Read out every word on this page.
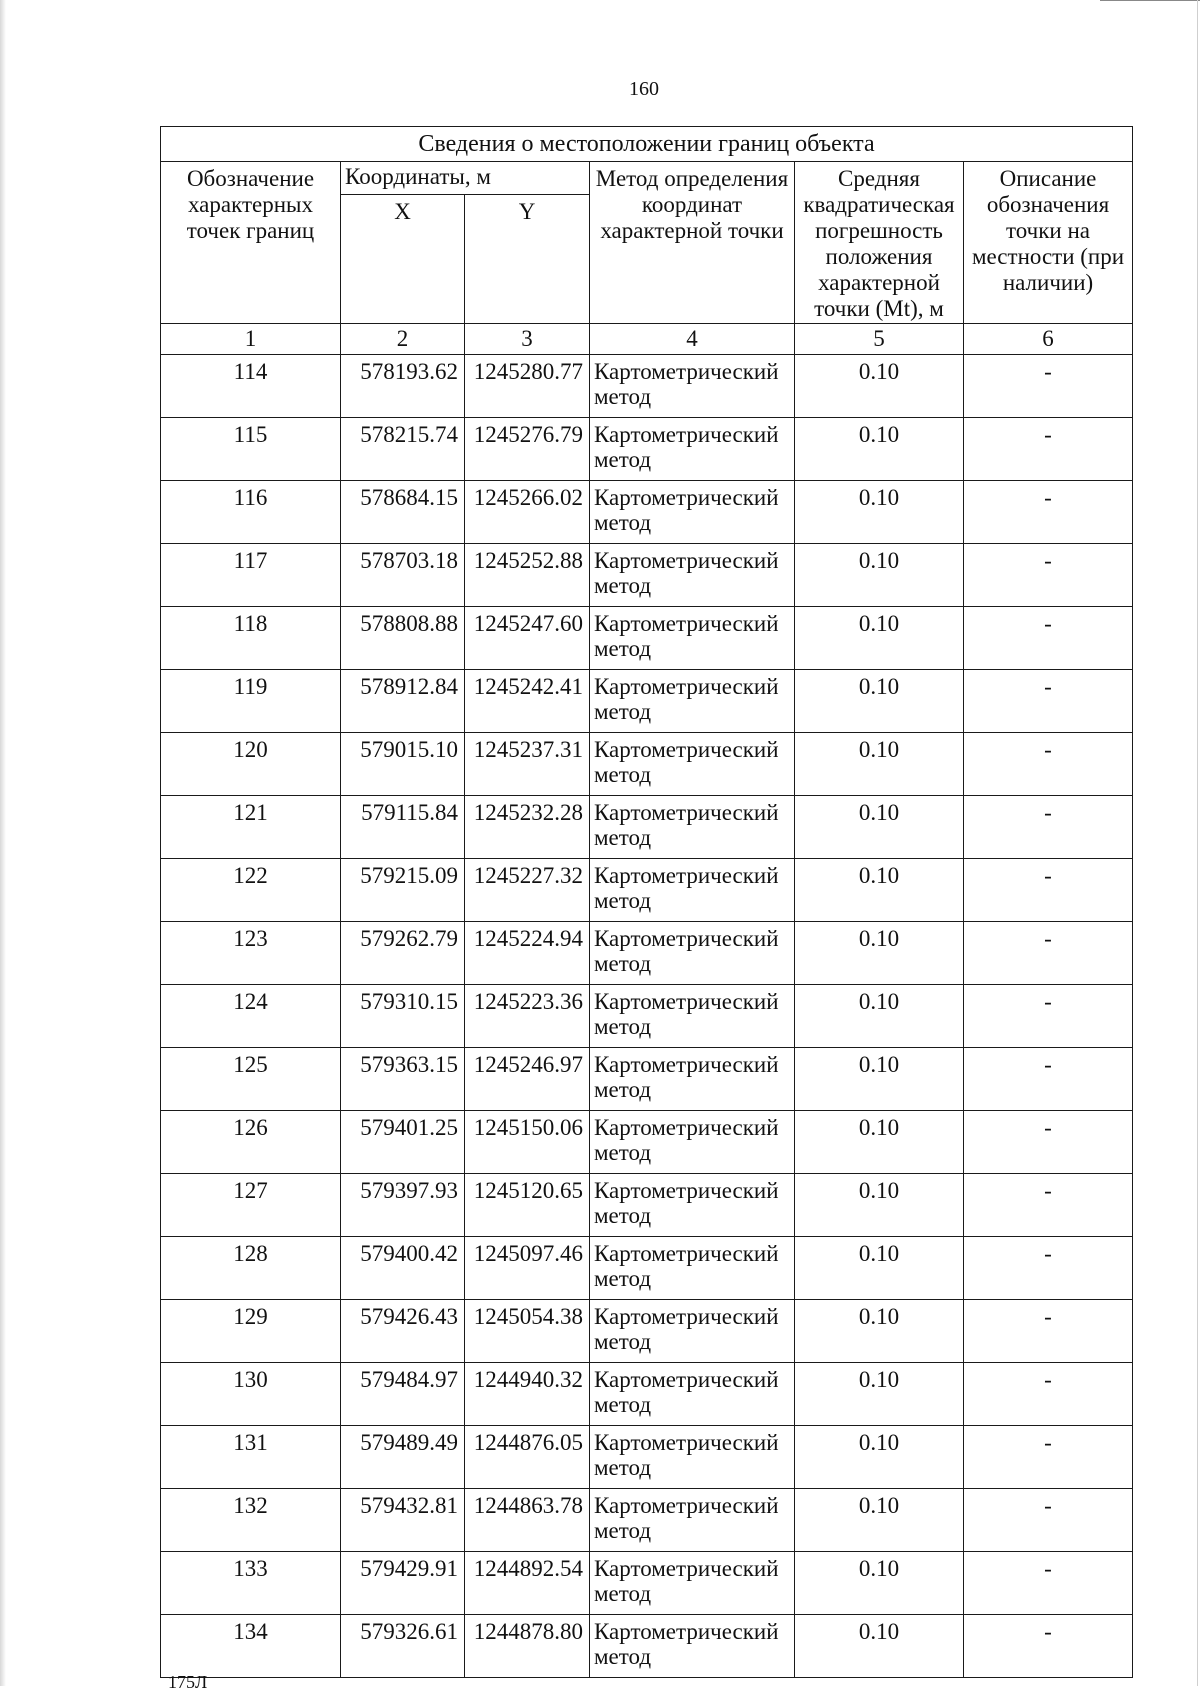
160
Сведения о местоположении границ объекта					
Обозначение характерных точек границ	Координаты, м		Метод определения координат характерной точки	Средняя квадратическая погрешность положения характерной точки (Mt), м	Описание обозначения точки на местности (при наличии)
	X	Y			
1	2	3	4	5	6
114	578193.62	1245280.77	Картометрический метод	0.10	-
115	578215.74	1245276.79	Картометрический метод	0.10	-
116	578684.15	1245266.02	Картометрический метод	0.10	-
117	578703.18	1245252.88	Картометрический метод	0.10	-
118	578808.88	1245247.60	Картометрический метод	0.10	-
119	578912.84	1245242.41	Картометрический метод	0.10	-
120	579015.10	1245237.31	Картометрический метод	0.10	-
121	579115.84	1245232.28	Картометрический метод	0.10	-
122	579215.09	1245227.32	Картометрический метод	0.10	-
123	579262.79	1245224.94	Картометрический метод	0.10	-
124	579310.15	1245223.36	Картометрический метод	0.10	-
125	579363.15	1245246.97	Картометрический метод	0.10	-
126	579401.25	1245150.06	Картометрический метод	0.10	-
127	579397.93	1245120.65	Картометрический метод	0.10	-
128	579400.42	1245097.46	Картометрический метод	0.10	-
129	579426.43	1245054.38	Картометрический метод	0.10	-
130	579484.97	1244940.32	Картометрический метод	0.10	-
131	579489.49	1244876.05	Картометрический метод	0.10	-
132	579432.81	1244863.78	Картометрический метод	0.10	-
133	579429.91	1244892.54	Картометрический метод	0.10	-
134	579326.61	1244878.80	Картометрический метод	0.10	-
175Л
